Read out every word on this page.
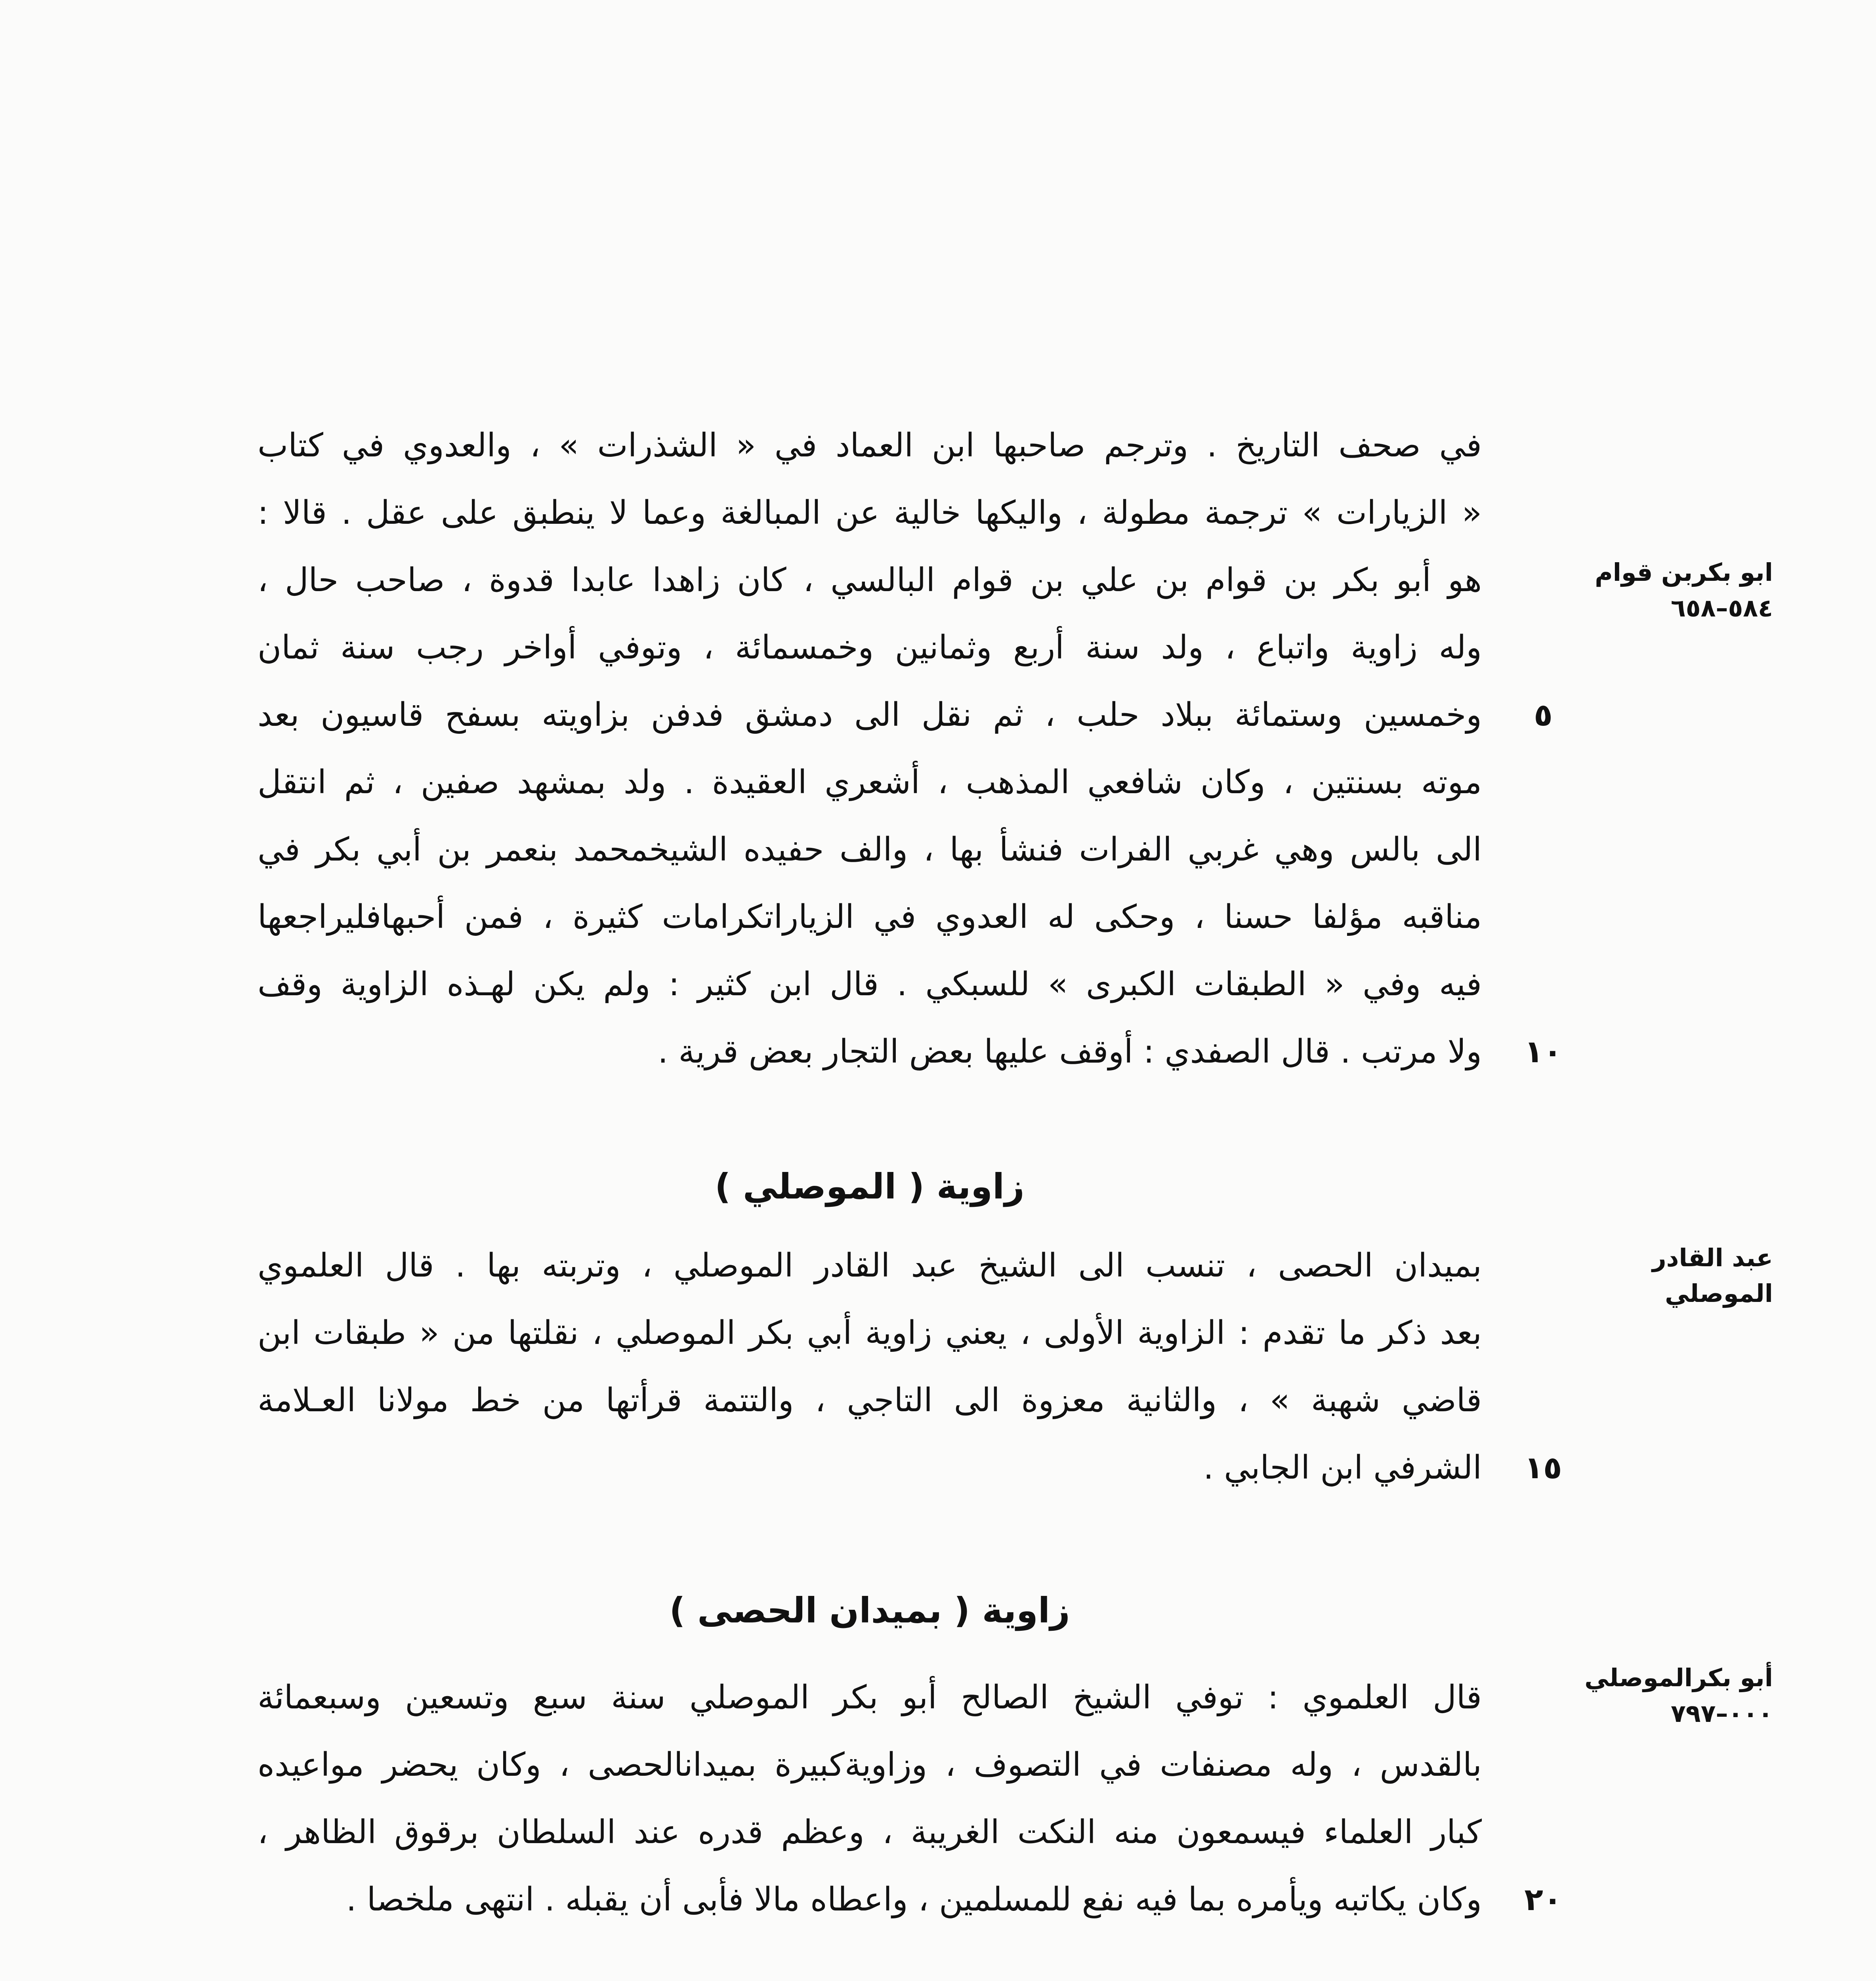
في صحف التاريخ . وترجم صاحبها ابن العماد في « الشذرات » ، والعدوي في كتاب
« الزيارات » ترجمة مطولة ، واليكها خالية عن المبالغة وعما لا ينطبق على عقل . قالا :
هو أبو بكر بن قوام بن علي بن قوام البالسي ، كان زاهدا عابدا قدوة ، صاحب حال ،
وله زاوية واتباع ، ولد سنة أربع وثمانين وخمسمائة ، وتوفي أواخر رجب سنة ثمان
وخمسين وستمائة ببلاد حلب ، ثم نقل الى دمشق فدفن بزاويته بسفح قاسيون بعد
موته بسنتين ، وكان شافعي المذهب ، أشعري العقيدة . ولد بمشهد صفين ، ثم انتقل
الى بالس وهي غربي الفرات فنشأ بها ، والف حفيده الشيخمحمد بنعمر بن أبي بكر في
مناقبه مؤلفا حسنا ، وحكى له العدوي في الزياراتكرامات كثيرة ، فمن أحبهافليراجعها
فيه وفي « الطبقات الكبرى » للسبكي . قال ابن كثير : ولم يكن لهـذه الزاوية وقف
ولا مرتب . قال الصفدي : أوقف عليها بعض التجار بعض قرية .
زاوية ( الموصلي )
بميدان الحصى ، تنسب الى الشيخ عبد القادر الموصلي ، وتربته بها . قال العلموي
بعد ذكر ما تقدم : الزاوية الأولى ، يعني زاوية أبي بكر الموصلي ، نقلتها من « طبقات ابن
قاضي شهبة » ، والثانية معزوة الى التاجي ، والتتمة قرأتها من خط مولانا العـلامة
الشرفي ابن الجابي .
زاوية ( بميدان الحصى )
قال العلموي : توفي الشيخ الصالح أبو بكر الموصلي سنة سبع وتسعين وسبعمائة
بالقدس ، وله مصنفات في التصوف ، وزاويةكبيرة بميدانالحصى ، وكان يحضر مواعيده
كبار العلماء فيسمعون منه النكت الغريبة ، وعظم قدره عند السلطان برقوق الظاهر ،
وكان يكاتبه ويأمره بما فيه نفع للمسلمين ، واعطاه مالا فأبى أن يقبله . انتهى ملخصا .
ابو بكربن قوام
٥٨٤–٦٥٨
عبد القادر
الموصلي
أبو بكرالموصلي
٠٠٠–٧٩٧
٥
١٠
١٥
٢٠
